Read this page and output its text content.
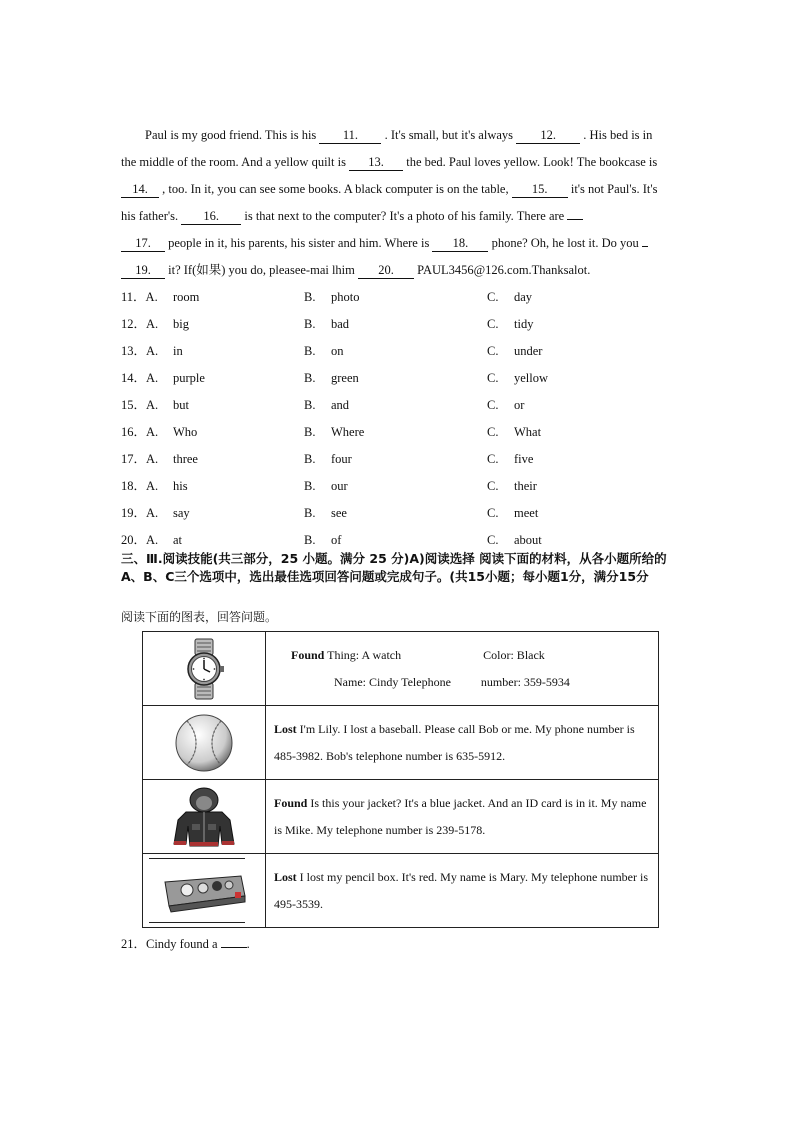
Paul is my good friend. This is his 11. . It's small, but it's always 12. . His bed is in
the middle of the room. And a yellow quilt is 13. the bed. Paul loves yellow. Look! The bookcase is
14. , too. In it, you can see some books. A black computer is on the table, 15. it's not Paul's. It's
his father's. 16. is that next to the computer? It's a photo of his family. There are
17. people in it, his parents, his sister and him. Where is 18. phone? Oh, he lost it. Do you
19. it? If(如果) you do, pleasee-mai lhim 20. PAUL3456@126.com.Thanksalot.
11．A. room	B. photo	C. day
12．A. big	B. bad	C. tidy
13．A. in	B. on	C. under
14．A. purple	B. green	C. yellow
15．A. but	B. and	C. or
16．A. Who	B. Where	C. What
17．A. three	B. four	C. five
18．A. his	B. our	C. their
19．A. say	B. see	C. meet
20．A. at	B. of	C. about
三、Ⅲ.阅读技能(共三部分，25 小题。满分 25 分)A)阅读选择 阅读下面的材料，从各小题所给的A、B、C三个选项中，选出最佳选项回答问题或完成句子。(共15小题；每小题1分，满分15分
阅读下面的图表，回答问题。

Found Thing: A watch Color: Black
Name: Cindy Telephone number: 359-5934

	Lost I'm Lily. I lost a baseball. Please call Bob or me. My phone number is 485-3982. Bob's telephone number is 635-5912.

	Found Is this your jacket? It's a blue jacket. And an ID card is in it. My name is Mike. My telephone number is 239-5178.

	Lost I lost my pencil box. It's red. My name is Mary. My telephone number is 495-3539.
21．Cindy found a .
